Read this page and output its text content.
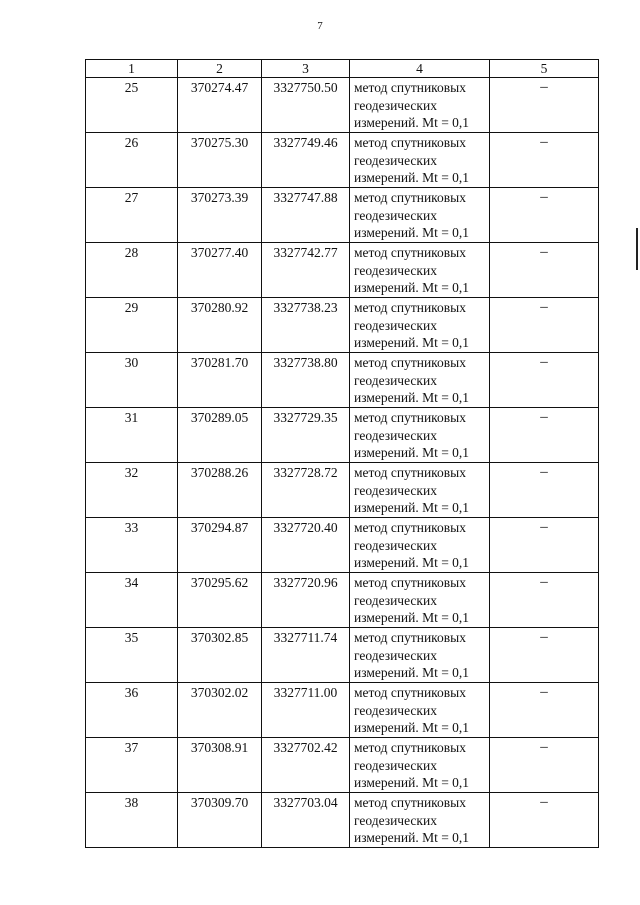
7
1	2	3	4	5
25	370274.47	3327750.50	метод спутниковых
геодезических
измерений. Mt = 0,1	–
26	370275.30	3327749.46	метод спутниковых
геодезических
измерений. Mt = 0,1	–
27	370273.39	3327747.88	метод спутниковых
геодезических
измерений. Mt = 0,1	–
28	370277.40	3327742.77	метод спутниковых
геодезических
измерений. Mt = 0,1	–
29	370280.92	3327738.23	метод спутниковых
геодезических
измерений. Mt = 0,1	–
30	370281.70	3327738.80	метод спутниковых
геодезических
измерений. Mt = 0,1	–
31	370289.05	3327729.35	метод спутниковых
геодезических
измерений. Mt = 0,1	–
32	370288.26	3327728.72	метод спутниковых
геодезических
измерений. Mt = 0,1	–
33	370294.87	3327720.40	метод спутниковых
геодезических
измерений. Mt = 0,1	–
34	370295.62	3327720.96	метод спутниковых
геодезических
измерений. Mt = 0,1	–
35	370302.85	3327711.74	метод спутниковых
геодезических
измерений. Mt = 0,1	–
36	370302.02	3327711.00	метод спутниковых
геодезических
измерений. Mt = 0,1	–
37	370308.91	3327702.42	метод спутниковых
геодезических
измерений. Mt = 0,1	–
38	370309.70	3327703.04	метод спутниковых
геодезических
измерений. Mt = 0,1	–
